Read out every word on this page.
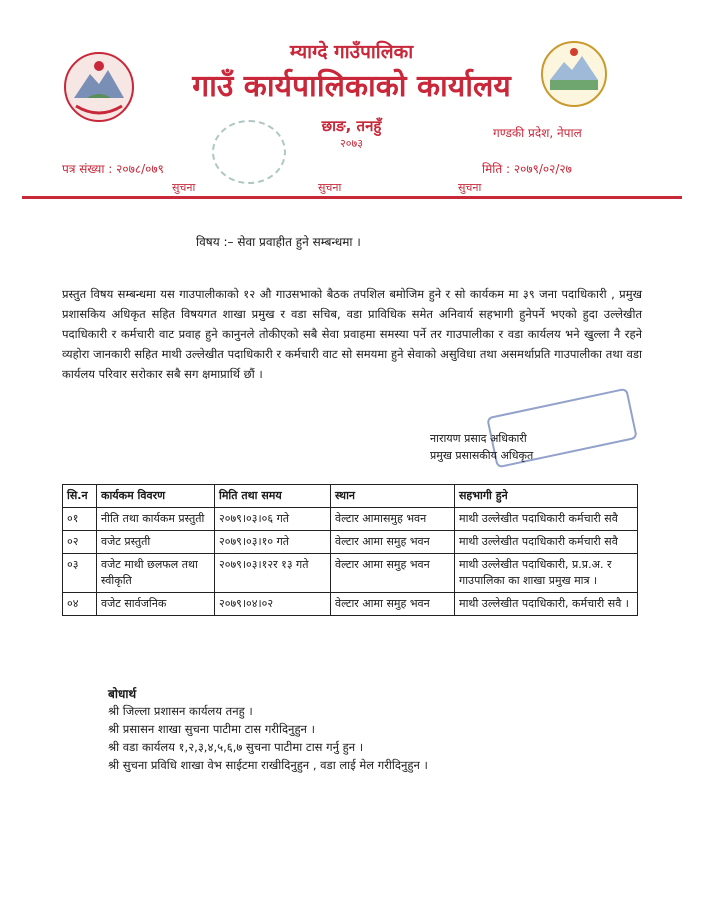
म्याग्दे गाउँपालिका
गाउँ कार्यपालिकाको कार्यालय
छाङ, तनहुँ
२०७३
गण्डकी प्रदेश, नेपाल
पत्र संख्या : २०७८/०७९	मिति : २०७९/०२/२७
सुचना	सुचना	सुचना
विषय :– सेवा प्रवाहीत हुने सम्बन्धमा ।
प्रस्तुत विषय सम्बन्धमा यस गाउपालीकाको १२ औ गाउसभाको बैठक तपशिल बमोजिम हुने र सो कार्यकम मा ३९ जना पदाधिकारी , प्रमुख प्रशासकिय अधिकृत सहित विषयगत शाखा प्रमुख र वडा सचिब, वडा प्राविधिक समेत अनिवार्य सहभागी हुनेपर्ने भएको हुदा उल्लेखीत पदाधिकारी र कर्मचारी वाट प्रवाह हुने कानुनले तोकीएको सबै सेवा प्रवाहमा समस्या पर्ने तर गाउपालीका र वडा कार्यलय भने खुल्ला नै रहने व्यहोरा जानकारी सहित माथी उल्लेखीत पदाधिकारी र कर्मचारी वाट सो समयमा हुने सेवाको असुविधा तथा असमर्थाप्रति गाउपालीका तथा वडा कार्यलय परिवार सरोकार सबै सग क्षमाप्रार्थि छौं ।
नारायण प्रसाद अधिकारी
प्रमुख प्रसासकीय अधिकृत
सि.न	कार्यकम विवरण	मिति तथा समय	स्थान	सहभागी हुने
०१	नीति तथा कार्यकम प्रस्तुती	२०७९।०३।०६ गते	वेल्टार आमासमुह भवन	माथी उल्लेखीत पदाधिकारी कर्मचारी सवै
०२	वजेट प्रस्तुती	२०७९।०३।१० गते	वेल्टार आमा समुह भवन	माथी उल्लेखीत पदाधिकारी कर्मचारी सवै
०३	वजेट माथी छलफल तथा स्वीकृति	२०७९।०३।१२र १३ गते	वेल्टार आमा समुह भवन	माथी उल्लेखीत पदाधिकारी, प्र.प्र.अ. र गाउपालिका का शाखा प्रमुख मात्र ।
०४	वजेट सार्वजनिक	२०७९।०४।०२	वेल्टार आमा समुह भवन	माथी उल्लेखीत पदाधिकारी, कर्मचारी सवै ।
बोधार्थ
श्री जिल्ला प्रशासन कार्यलय तनहु ।
श्री प्रसासन शाखा सुचना पाटीमा टास गरीदिनुहुन ।
श्री वडा कार्यलय १,२,३,४,५,६,७ सुचना पाटीमा टास गर्नु हुन ।
श्री सुचना प्रविधि शाखा वेभ साईटमा राखीदिनुहुन , वडा लाई मेल गरीदिनुहुन ।
